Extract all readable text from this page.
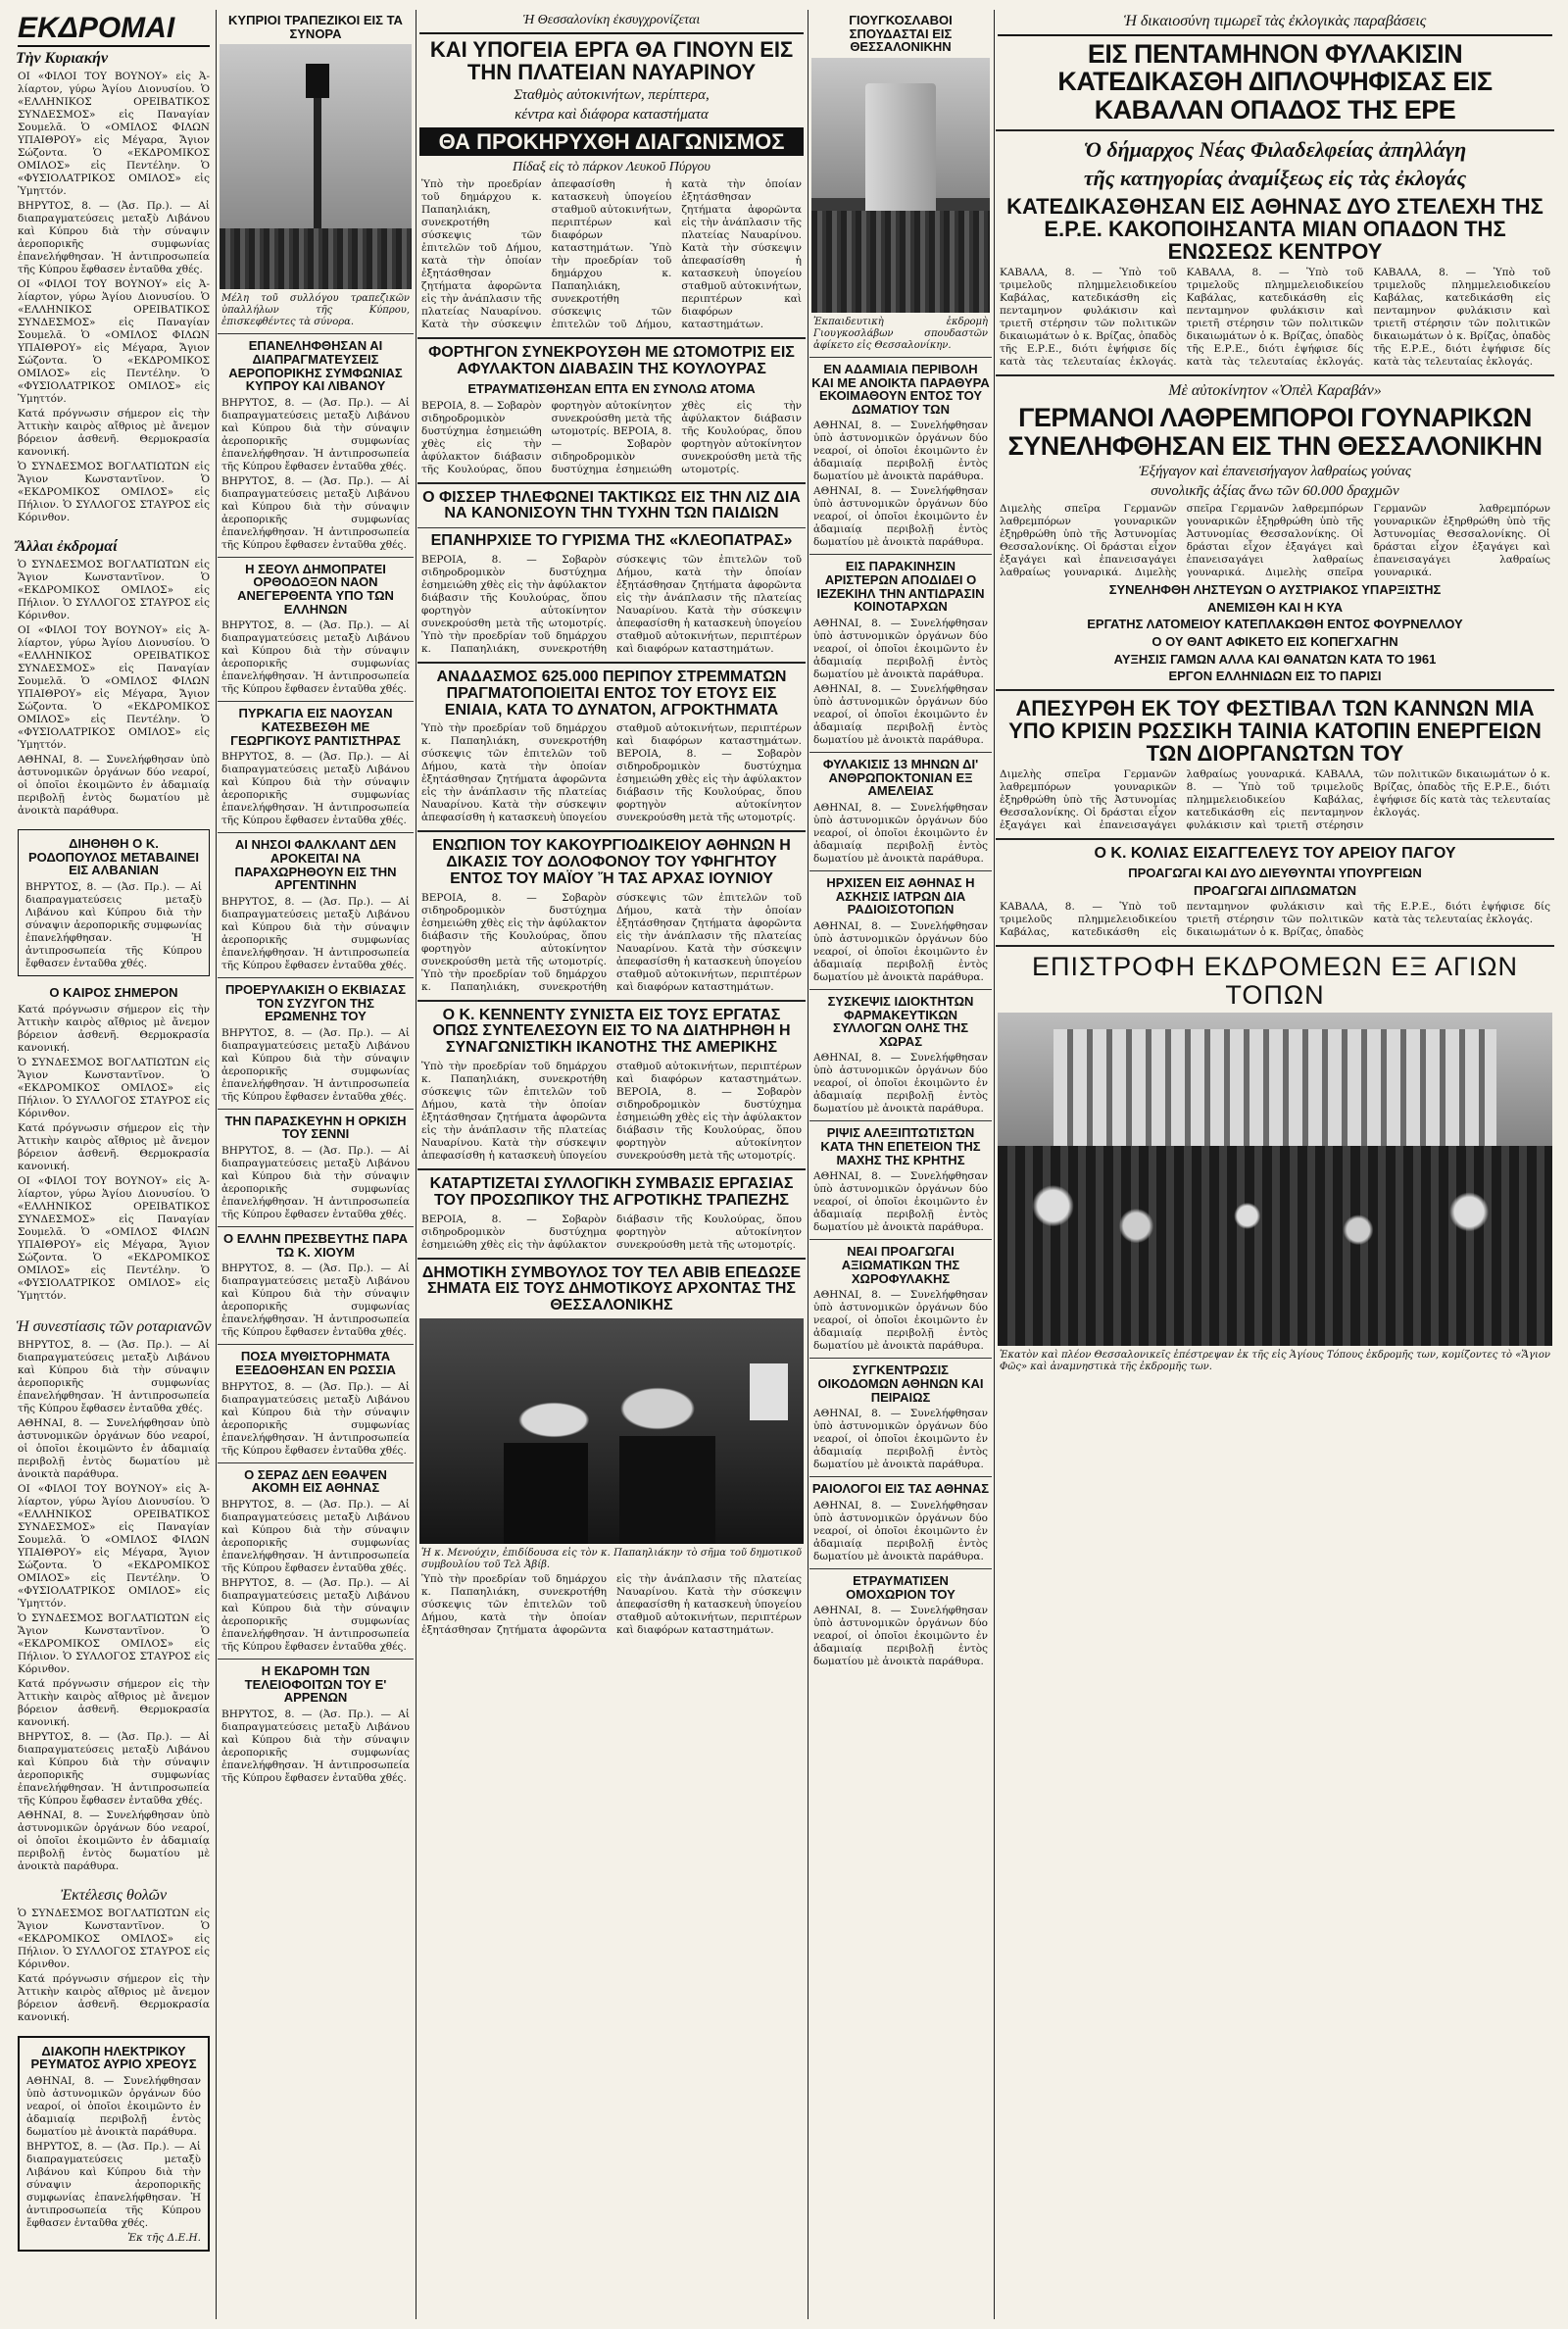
ΕΚΔΡΟΜΑΙ
Τὴν Κυριακήν
ΟΙ «ΦΙΛΟΙ ΤΟΥ ΒΟΥΝΟΥ» εἰς Ἀ-λίαρτον, γύρω Ἁγίου Διονυσίου. Ὁ «ΕΛΛΗΝΙΚΟΣ ΟΡΕΙΒΑΤΙΚΟΣ ΣΥΝΔΕΣΜΟΣ» εἰς Παναγίαν Σουμελᾶ. Ὁ «ΟΜΙΛΟΣ ΦΙΛΩΝ ΥΠΑΙΘΡΟΥ» εἰς Μέγαρα, Ἄγιον Σώζοντα. Ὁ «ΕΚΔΡΟΜΙΚΟΣ ΟΜΙΛΟΣ» εἰς Πεντέλην. Ὁ «ΦΥΣΙΟΛΑΤΡΙΚΟΣ ΟΜΙΛΟΣ» εἰς Ὑμηττόν.
ΒΗΡΥΤΟΣ, 8. — (Ἀσ. Πρ.). — Αἱ διαπραγματεύσεις μεταξὺ Λιβάνου καὶ Κύπρου διὰ τὴν σύναψιν ἀεροπορικῆς συμφωνίας ἐπανελήφθησαν. Ἡ ἀντιπροσωπεία τῆς Κύπρου ἔφθασεν ἐνταῦθα χθές.
ΟΙ «ΦΙΛΟΙ ΤΟΥ ΒΟΥΝΟΥ» εἰς Ἀ-λίαρτον, γύρω Ἁγίου Διονυσίου. Ὁ «ΕΛΛΗΝΙΚΟΣ ΟΡΕΙΒΑΤΙΚΟΣ ΣΥΝΔΕΣΜΟΣ» εἰς Παναγίαν Σουμελᾶ. Ὁ «ΟΜΙΛΟΣ ΦΙΛΩΝ ΥΠΑΙΘΡΟΥ» εἰς Μέγαρα, Ἄγιον Σώζοντα. Ὁ «ΕΚΔΡΟΜΙΚΟΣ ΟΜΙΛΟΣ» εἰς Πεντέλην. Ὁ «ΦΥΣΙΟΛΑΤΡΙΚΟΣ ΟΜΙΛΟΣ» εἰς Ὑμηττόν.
Κατά πρόγνωσιν σήμερον εἰς τὴν Ἀττικὴν καιρὸς αἴθριος μὲ ἄνεμον βόρειον ἀσθενῆ. Θερμοκρασία κανονική.
Ὁ ΣΥΝΔΕΣΜΟΣ ΒΟΓΛΑΤΙΩΤΩΝ εἰς Ἅγιον Κωνσταντῖνον. Ὁ «ΕΚΔΡΟΜΙΚΟΣ ΟΜΙΛΟΣ» εἰς Πήλιον. Ὁ ΣΥΛΛΟΓΟΣ ΣΤΑΥΡΟΣ εἰς Κόρινθον.
Ἄλλαι ἐκδρομαί
Ὁ ΣΥΝΔΕΣΜΟΣ ΒΟΓΛΑΤΙΩΤΩΝ εἰς Ἅγιον Κωνσταντῖνον. Ὁ «ΕΚΔΡΟΜΙΚΟΣ ΟΜΙΛΟΣ» εἰς Πήλιον. Ὁ ΣΥΛΛΟΓΟΣ ΣΤΑΥΡΟΣ εἰς Κόρινθον.
ΟΙ «ΦΙΛΟΙ ΤΟΥ ΒΟΥΝΟΥ» εἰς Ἀ-λίαρτον, γύρω Ἁγίου Διονυσίου. Ὁ «ΕΛΛΗΝΙΚΟΣ ΟΡΕΙΒΑΤΙΚΟΣ ΣΥΝΔΕΣΜΟΣ» εἰς Παναγίαν Σουμελᾶ. Ὁ «ΟΜΙΛΟΣ ΦΙΛΩΝ ΥΠΑΙΘΡΟΥ» εἰς Μέγαρα, Ἄγιον Σώζοντα. Ὁ «ΕΚΔΡΟΜΙΚΟΣ ΟΜΙΛΟΣ» εἰς Πεντέλην. Ὁ «ΦΥΣΙΟΛΑΤΡΙΚΟΣ ΟΜΙΛΟΣ» εἰς Ὑμηττόν.
ΑΘΗΝΑΙ, 8. — Συνελήφθησαν ὑπὸ ἀστυνομικῶν ὀργάνων δύο νεαροί, οἱ ὁποῖοι ἐκοιμῶντο ἐν ἀδαμιαίᾳ περιβολῇ ἐντὸς δωματίου μὲ ἀνοικτὰ παράθυρα.
ΔΙΗΘΗΘΗ Ο Κ. ΡΟΔΟΠΟΥΛΟΣ ΜΕΤΑΒΑΙΝΕΙ ΕΙΣ ΑΛΒΑΝΙΑΝ
ΒΗΡΥΤΟΣ, 8. — (Ἀσ. Πρ.). — Αἱ διαπραγματεύσεις μεταξὺ Λιβάνου καὶ Κύπρου διὰ τὴν σύναψιν ἀεροπορικῆς συμφωνίας ἐπανελήφθησαν. Ἡ ἀντιπροσωπεία τῆς Κύπρου ἔφθασεν ἐνταῦθα χθές.
Ο ΚΑΙΡΟΣ ΣΗΜΕΡΟΝ
Κατά πρόγνωσιν σήμερον εἰς τὴν Ἀττικὴν καιρὸς αἴθριος μὲ ἄνεμον βόρειον ἀσθενῆ. Θερμοκρασία κανονική.
Ὁ ΣΥΝΔΕΣΜΟΣ ΒΟΓΛΑΤΙΩΤΩΝ εἰς Ἅγιον Κωνσταντῖνον. Ὁ «ΕΚΔΡΟΜΙΚΟΣ ΟΜΙΛΟΣ» εἰς Πήλιον. Ὁ ΣΥΛΛΟΓΟΣ ΣΤΑΥΡΟΣ εἰς Κόρινθον.
Κατά πρόγνωσιν σήμερον εἰς τὴν Ἀττικὴν καιρὸς αἴθριος μὲ ἄνεμον βόρειον ἀσθενῆ. Θερμοκρασία κανονική.
ΟΙ «ΦΙΛΟΙ ΤΟΥ ΒΟΥΝΟΥ» εἰς Ἀ-λίαρτον, γύρω Ἁγίου Διονυσίου. Ὁ «ΕΛΛΗΝΙΚΟΣ ΟΡΕΙΒΑΤΙΚΟΣ ΣΥΝΔΕΣΜΟΣ» εἰς Παναγίαν Σουμελᾶ. Ὁ «ΟΜΙΛΟΣ ΦΙΛΩΝ ΥΠΑΙΘΡΟΥ» εἰς Μέγαρα, Ἄγιον Σώζοντα. Ὁ «ΕΚΔΡΟΜΙΚΟΣ ΟΜΙΛΟΣ» εἰς Πεντέλην. Ὁ «ΦΥΣΙΟΛΑΤΡΙΚΟΣ ΟΜΙΛΟΣ» εἰς Ὑμηττόν.
Ἡ συνεστίασις τῶν ροταριανῶν
ΒΗΡΥΤΟΣ, 8. — (Ἀσ. Πρ.). — Αἱ διαπραγματεύσεις μεταξὺ Λιβάνου καὶ Κύπρου διὰ τὴν σύναψιν ἀεροπορικῆς συμφωνίας ἐπανελήφθησαν. Ἡ ἀντιπροσωπεία τῆς Κύπρου ἔφθασεν ἐνταῦθα χθές.
ΑΘΗΝΑΙ, 8. — Συνελήφθησαν ὑπὸ ἀστυνομικῶν ὀργάνων δύο νεαροί, οἱ ὁποῖοι ἐκοιμῶντο ἐν ἀδαμιαίᾳ περιβολῇ ἐντὸς δωματίου μὲ ἀνοικτὰ παράθυρα.
ΟΙ «ΦΙΛΟΙ ΤΟΥ ΒΟΥΝΟΥ» εἰς Ἀ-λίαρτον, γύρω Ἁγίου Διονυσίου. Ὁ «ΕΛΛΗΝΙΚΟΣ ΟΡΕΙΒΑΤΙΚΟΣ ΣΥΝΔΕΣΜΟΣ» εἰς Παναγίαν Σουμελᾶ. Ὁ «ΟΜΙΛΟΣ ΦΙΛΩΝ ΥΠΑΙΘΡΟΥ» εἰς Μέγαρα, Ἄγιον Σώζοντα. Ὁ «ΕΚΔΡΟΜΙΚΟΣ ΟΜΙΛΟΣ» εἰς Πεντέλην. Ὁ «ΦΥΣΙΟΛΑΤΡΙΚΟΣ ΟΜΙΛΟΣ» εἰς Ὑμηττόν.
Ὁ ΣΥΝΔΕΣΜΟΣ ΒΟΓΛΑΤΙΩΤΩΝ εἰς Ἅγιον Κωνσταντῖνον. Ὁ «ΕΚΔΡΟΜΙΚΟΣ ΟΜΙΛΟΣ» εἰς Πήλιον. Ὁ ΣΥΛΛΟΓΟΣ ΣΤΑΥΡΟΣ εἰς Κόρινθον.
Κατά πρόγνωσιν σήμερον εἰς τὴν Ἀττικὴν καιρὸς αἴθριος μὲ ἄνεμον βόρειον ἀσθενῆ. Θερμοκρασία κανονική.
ΒΗΡΥΤΟΣ, 8. — (Ἀσ. Πρ.). — Αἱ διαπραγματεύσεις μεταξὺ Λιβάνου καὶ Κύπρου διὰ τὴν σύναψιν ἀεροπορικῆς συμφωνίας ἐπανελήφθησαν. Ἡ ἀντιπροσωπεία τῆς Κύπρου ἔφθασεν ἐνταῦθα χθές.
ΑΘΗΝΑΙ, 8. — Συνελήφθησαν ὑπὸ ἀστυνομικῶν ὀργάνων δύο νεαροί, οἱ ὁποῖοι ἐκοιμῶντο ἐν ἀδαμιαίᾳ περιβολῇ ἐντὸς δωματίου μὲ ἀνοικτὰ παράθυρα.
Ἐκτέλεσις θολῶν
Ὁ ΣΥΝΔΕΣΜΟΣ ΒΟΓΛΑΤΙΩΤΩΝ εἰς Ἅγιον Κωνσταντῖνον. Ὁ «ΕΚΔΡΟΜΙΚΟΣ ΟΜΙΛΟΣ» εἰς Πήλιον. Ὁ ΣΥΛΛΟΓΟΣ ΣΤΑΥΡΟΣ εἰς Κόρινθον.
Κατά πρόγνωσιν σήμερον εἰς τὴν Ἀττικὴν καιρὸς αἴθριος μὲ ἄνεμον βόρειον ἀσθενῆ. Θερμοκρασία κανονική.
ΔΙΑΚΟΠΗ ΗΛΕΚΤΡΙΚΟΥ ΡΕΥΜΑΤΟΣ ΑΥΡΙΟ ΧΡΕΟΥΣ
ΑΘΗΝΑΙ, 8. — Συνελήφθησαν ὑπὸ ἀστυνομικῶν ὀργάνων δύο νεαροί, οἱ ὁποῖοι ἐκοιμῶντο ἐν ἀδαμιαίᾳ περιβολῇ ἐντὸς δωματίου μὲ ἀνοικτὰ παράθυρα.
ΒΗΡΥΤΟΣ, 8. — (Ἀσ. Πρ.). — Αἱ διαπραγματεύσεις μεταξὺ Λιβάνου καὶ Κύπρου διὰ τὴν σύναψιν ἀεροπορικῆς συμφωνίας ἐπανελήφθησαν. Ἡ ἀντιπροσωπεία τῆς Κύπρου ἔφθασεν ἐνταῦθα χθές.
Ἐκ τῆς Δ.Ε.Η.
ΚΥΠΡΙΟΙ ΤΡΑΠΕΖΙΚΟΙ ΕΙΣ ΤΑ ΣΥΝΟΡΑ
Μέλη τοῦ συλλόγου τραπεζικῶν ὑπαλλήλων τῆς Κύπρου, ἐπισκεφθέντες τὰ σύνορα.
ΕΠΑΝΕΛΗΦΘΗΣΑΝ ΑΙ ΔΙΑΠΡΑΓΜΑΤΕΥΣΕΙΣ ΑΕΡΟΠΟΡΙΚΗΣ ΣΥΜΦΩΝΙΑΣ ΚΥΠΡΟΥ ΚΑΙ ΛΙΒΑΝΟΥ
ΒΗΡΥΤΟΣ, 8. — (Ἀσ. Πρ.). — Αἱ διαπραγματεύσεις μεταξὺ Λιβάνου καὶ Κύπρου διὰ τὴν σύναψιν ἀεροπορικῆς συμφωνίας ἐπανελήφθησαν. Ἡ ἀντιπροσωπεία τῆς Κύπρου ἔφθασεν ἐνταῦθα χθές.
ΒΗΡΥΤΟΣ, 8. — (Ἀσ. Πρ.). — Αἱ διαπραγματεύσεις μεταξὺ Λιβάνου καὶ Κύπρου διὰ τὴν σύναψιν ἀεροπορικῆς συμφωνίας ἐπανελήφθησαν. Ἡ ἀντιπροσωπεία τῆς Κύπρου ἔφθασεν ἐνταῦθα χθές.
Η ΣΕΟΥΛ ΔΗΜΟΠΡΑΤΕΙ ΟΡΘΟΔΟΞΟΝ ΝΑΟΝ ΑΝΕΓΕΡΘΕΝΤΑ ΥΠΟ ΤΩΝ ΕΛΛΗΝΩΝ
ΒΗΡΥΤΟΣ, 8. — (Ἀσ. Πρ.). — Αἱ διαπραγματεύσεις μεταξὺ Λιβάνου καὶ Κύπρου διὰ τὴν σύναψιν ἀεροπορικῆς συμφωνίας ἐπανελήφθησαν. Ἡ ἀντιπροσωπεία τῆς Κύπρου ἔφθασεν ἐνταῦθα χθές.
ΠΥΡΚΑΓΙΑ ΕΙΣ ΝΑΟΥΣΑΝ ΚΑΤΕΣΒΕΣΘΗ ΜΕ ΓΕΩΡΓΙΚΟΥΣ ΡΑΝΤΙΣΤΗΡΑΣ
ΒΗΡΥΤΟΣ, 8. — (Ἀσ. Πρ.). — Αἱ διαπραγματεύσεις μεταξὺ Λιβάνου καὶ Κύπρου διὰ τὴν σύναψιν ἀεροπορικῆς συμφωνίας ἐπανελήφθησαν. Ἡ ἀντιπροσωπεία τῆς Κύπρου ἔφθασεν ἐνταῦθα χθές.
ΑΙ ΝΗΣΟΙ ΦΑΛΚΛΑΝΤ ΔΕΝ ΑΡΟΚΕΙΤΑΙ ΝΑ ΠΑΡΑΧΩΡΗΘΟΥΝ ΕΙΣ ΤΗΝ ΑΡΓΕΝΤΙΝΗΝ
ΒΗΡΥΤΟΣ, 8. — (Ἀσ. Πρ.). — Αἱ διαπραγματεύσεις μεταξὺ Λιβάνου καὶ Κύπρου διὰ τὴν σύναψιν ἀεροπορικῆς συμφωνίας ἐπανελήφθησαν. Ἡ ἀντιπροσωπεία τῆς Κύπρου ἔφθασεν ἐνταῦθα χθές.
ΠΡΟΕΡΥΛΑΚΙΣΗ Ο ΕΚΒΙΑΣΑΣ ΤΟΝ ΣΥΖΥΓΟΝ ΤΗΣ ΕΡΩΜΕΝΗΣ ΤΟΥ
ΒΗΡΥΤΟΣ, 8. — (Ἀσ. Πρ.). — Αἱ διαπραγματεύσεις μεταξὺ Λιβάνου καὶ Κύπρου διὰ τὴν σύναψιν ἀεροπορικῆς συμφωνίας ἐπανελήφθησαν. Ἡ ἀντιπροσωπεία τῆς Κύπρου ἔφθασεν ἐνταῦθα χθές.
ΤΗΝ ΠΑΡΑΣΚΕΥΗΝ Η ΟΡΚΙΣΗ ΤΟΥ ΣΕΝΝΙ
ΒΗΡΥΤΟΣ, 8. — (Ἀσ. Πρ.). — Αἱ διαπραγματεύσεις μεταξὺ Λιβάνου καὶ Κύπρου διὰ τὴν σύναψιν ἀεροπορικῆς συμφωνίας ἐπανελήφθησαν. Ἡ ἀντιπροσωπεία τῆς Κύπρου ἔφθασεν ἐνταῦθα χθές.
Ο ΕΛΛΗΝ ΠΡΕΣΒΕΥΤΗΣ ΠΑΡΑ ΤΩ Κ. ΧΙΟΥΜ
ΒΗΡΥΤΟΣ, 8. — (Ἀσ. Πρ.). — Αἱ διαπραγματεύσεις μεταξὺ Λιβάνου καὶ Κύπρου διὰ τὴν σύναψιν ἀεροπορικῆς συμφωνίας ἐπανελήφθησαν. Ἡ ἀντιπροσωπεία τῆς Κύπρου ἔφθασεν ἐνταῦθα χθές.
ΠΟΣΑ ΜΥΘΙΣΤΟΡΗΜΑΤΑ ΕΞΕΔΟΘΗΣΑΝ ΕΝ ΡΩΣΣΙΑ
ΒΗΡΥΤΟΣ, 8. — (Ἀσ. Πρ.). — Αἱ διαπραγματεύσεις μεταξὺ Λιβάνου καὶ Κύπρου διὰ τὴν σύναψιν ἀεροπορικῆς συμφωνίας ἐπανελήφθησαν. Ἡ ἀντιπροσωπεία τῆς Κύπρου ἔφθασεν ἐνταῦθα χθές.
Ο ΣΕΡΑΖ ΔΕΝ ΕΘΑΨΕΝ ΑΚΟΜΗ ΕΙΣ ΑΘΗΝΑΣ
ΒΗΡΥΤΟΣ, 8. — (Ἀσ. Πρ.). — Αἱ διαπραγματεύσεις μεταξὺ Λιβάνου καὶ Κύπρου διὰ τὴν σύναψιν ἀεροπορικῆς συμφωνίας ἐπανελήφθησαν. Ἡ ἀντιπροσωπεία τῆς Κύπρου ἔφθασεν ἐνταῦθα χθές.
ΒΗΡΥΤΟΣ, 8. — (Ἀσ. Πρ.). — Αἱ διαπραγματεύσεις μεταξὺ Λιβάνου καὶ Κύπρου διὰ τὴν σύναψιν ἀεροπορικῆς συμφωνίας ἐπανελήφθησαν. Ἡ ἀντιπροσωπεία τῆς Κύπρου ἔφθασεν ἐνταῦθα χθές.
Η ΕΚΔΡΟΜΗ ΤΩΝ ΤΕΛΕΙΟΦΟΙΤΩΝ ΤΟΥ Ε' ΑΡΡΕΝΩΝ
ΒΗΡΥΤΟΣ, 8. — (Ἀσ. Πρ.). — Αἱ διαπραγματεύσεις μεταξὺ Λιβάνου καὶ Κύπρου διὰ τὴν σύναψιν ἀεροπορικῆς συμφωνίας ἐπανελήφθησαν. Ἡ ἀντιπροσωπεία τῆς Κύπρου ἔφθασεν ἐνταῦθα χθές.
Ἡ Θεσσαλονίκη ἐκσυγχρονίζεται
ΚΑΙ ΥΠΟΓΕΙΑ ΕΡΓΑ ΘΑ ΓΙΝΟΥΝ ΕΙΣ ΤΗΝ ΠΛΑΤΕΙΑΝ ΝΑΥΑΡΙΝΟΥ
Σταθμὸς αὐτοκινήτων, περίπτερα,
κέντρα καὶ διάφορα καταστήματα
ΘΑ ΠΡΟΚΗΡΥΧΘΗ ΔΙΑΓΩΝΙΣΜΟΣ
Πίδαξ εἰς τὸ πάρκον Λευκοῦ Πύργου
Ὑπὸ τὴν προεδρίαν τοῦ δημάρχου κ. Παπαηλιάκη, συνεκροτήθη σύσκεψις τῶν ἐπιτελῶν τοῦ Δήμου, κατὰ τὴν ὁποίαν ἐξητάσθησαν ζητήματα ἀφορῶντα εἰς τὴν ἀνάπλασιν τῆς πλατείας Ναυαρίνου. Κατὰ τὴν σύσκεψιν ἀπεφασίσθη ἡ κατασκευὴ ὑπογείου σταθμοῦ αὐτοκινήτων, περιπτέρων καὶ διαφόρων καταστημάτων. Ὑπὸ τὴν προεδρίαν τοῦ δημάρχου κ. Παπαηλιάκη, συνεκροτήθη σύσκεψις τῶν ἐπιτελῶν τοῦ Δήμου, κατὰ τὴν ὁποίαν ἐξητάσθησαν ζητήματα ἀφορῶντα εἰς τὴν ἀνάπλασιν τῆς πλατείας Ναυαρίνου. Κατὰ τὴν σύσκεψιν ἀπεφασίσθη ἡ κατασκευὴ ὑπογείου σταθμοῦ αὐτοκινήτων, περιπτέρων καὶ διαφόρων καταστημάτων.
ΦΟΡΤΗΓΟΝ ΣΥΝΕΚΡΟΥΣΘΗ ΜΕ ΩΤΟΜΟΤΡΙΣ ΕΙΣ ΑΦΥΛΑΚΤΟΝ ΔΙΑΒΑΣΙΝ ΤΗΣ ΚΟΥΛΟΥΡΑΣ
ΕΤΡΑΥΜΑΤΙΣΘΗΣΑΝ ΕΠΤΑ ΕΝ ΣΥΝΟΛΩ ΑΤΟΜΑ
ΒΕΡΟΙΑ, 8. — Σοβαρὸν σιδηροδρομικὸν δυστύχημα ἐσημειώθη χθὲς εἰς τὴν ἀφύλακτον διάβασιν τῆς Κουλούρας, ὅπου φορτηγὸν αὐτοκίνητον συνεκρούσθη μετὰ τῆς ωτομοτρίς. ΒΕΡΟΙΑ, 8. — Σοβαρὸν σιδηροδρομικὸν δυστύχημα ἐσημειώθη χθὲς εἰς τὴν ἀφύλακτον διάβασιν τῆς Κουλούρας, ὅπου φορτηγὸν αὐτοκίνητον συνεκρούσθη μετὰ τῆς ωτομοτρίς.
Ο ΦΙΣΣΕΡ ΤΗΛΕΦΩΝΕΙ ΤΑΚΤΙΚΩΣ ΕΙΣ ΤΗΝ ΛΙΖ ΔΙΑ ΝΑ ΚΑΝΟΝΙΣΟΥΝ ΤΗΝ ΤΥΧΗΝ ΤΩΝ ΠΑΙΔΙΩΝ
ΕΠΑΝΗΡΧΙΣΕ ΤΟ ΓΥΡΙΣΜΑ ΤΗΣ «ΚΛΕΟΠΑΤΡΑΣ»
ΒΕΡΟΙΑ, 8. — Σοβαρὸν σιδηροδρομικὸν δυστύχημα ἐσημειώθη χθὲς εἰς τὴν ἀφύλακτον διάβασιν τῆς Κουλούρας, ὅπου φορτηγὸν αὐτοκίνητον συνεκρούσθη μετὰ τῆς ωτομοτρίς. Ὑπὸ τὴν προεδρίαν τοῦ δημάρχου κ. Παπαηλιάκη, συνεκροτήθη σύσκεψις τῶν ἐπιτελῶν τοῦ Δήμου, κατὰ τὴν ὁποίαν ἐξητάσθησαν ζητήματα ἀφορῶντα εἰς τὴν ἀνάπλασιν τῆς πλατείας Ναυαρίνου. Κατὰ τὴν σύσκεψιν ἀπεφασίσθη ἡ κατασκευὴ ὑπογείου σταθμοῦ αὐτοκινήτων, περιπτέρων καὶ διαφόρων καταστημάτων.
ΑΝΑΔΑΣΜΟΣ 625.000 ΠΕΡΙΠΟΥ ΣΤΡΕΜΜΑΤΩΝ ΠΡΑΓΜΑΤΟΠΟΙΕΙΤΑΙ ΕΝΤΟΣ ΤΟΥ ΕΤΟΥΣ ΕΙΣ ΕΝΙΑΙΑ, ΚΑΤΑ ΤΟ ΔΥΝΑΤΟΝ, ΑΓΡΟΚΤΗΜΑΤΑ
Ὑπὸ τὴν προεδρίαν τοῦ δημάρχου κ. Παπαηλιάκη, συνεκροτήθη σύσκεψις τῶν ἐπιτελῶν τοῦ Δήμου, κατὰ τὴν ὁποίαν ἐξητάσθησαν ζητήματα ἀφορῶντα εἰς τὴν ἀνάπλασιν τῆς πλατείας Ναυαρίνου. Κατὰ τὴν σύσκεψιν ἀπεφασίσθη ἡ κατασκευὴ ὑπογείου σταθμοῦ αὐτοκινήτων, περιπτέρων καὶ διαφόρων καταστημάτων. ΒΕΡΟΙΑ, 8. — Σοβαρὸν σιδηροδρομικὸν δυστύχημα ἐσημειώθη χθὲς εἰς τὴν ἀφύλακτον διάβασιν τῆς Κουλούρας, ὅπου φορτηγὸν αὐτοκίνητον συνεκρούσθη μετὰ τῆς ωτομοτρίς.
ΕΝΩΠΙΟΝ ΤΟΥ ΚΑΚΟΥΡΓΙΟΔΙΚΕΙΟΥ ΑΘΗΝΩΝ Η ΔΙΚΑΣΙΣ ΤΟΥ ΔΟΛΟΦΟΝΟΥ ΤΟΥ ΥΦΗΓΗΤΟΥ ΕΝΤΟΣ ΤΟΥ ΜΑΪΟΥ Ἤ ΤΑΣ ΑΡΧΑΣ ΙΟΥΝΙΟΥ
ΒΕΡΟΙΑ, 8. — Σοβαρὸν σιδηροδρομικὸν δυστύχημα ἐσημειώθη χθὲς εἰς τὴν ἀφύλακτον διάβασιν τῆς Κουλούρας, ὅπου φορτηγὸν αὐτοκίνητον συνεκρούσθη μετὰ τῆς ωτομοτρίς. Ὑπὸ τὴν προεδρίαν τοῦ δημάρχου κ. Παπαηλιάκη, συνεκροτήθη σύσκεψις τῶν ἐπιτελῶν τοῦ Δήμου, κατὰ τὴν ὁποίαν ἐξητάσθησαν ζητήματα ἀφορῶντα εἰς τὴν ἀνάπλασιν τῆς πλατείας Ναυαρίνου. Κατὰ τὴν σύσκεψιν ἀπεφασίσθη ἡ κατασκευὴ ὑπογείου σταθμοῦ αὐτοκινήτων, περιπτέρων καὶ διαφόρων καταστημάτων.
Ο Κ. ΚΕΝΝΕΝΤΥ ΣΥΝΙΣΤΑ ΕΙΣ ΤΟΥΣ ΕΡΓΑΤΑΣ ΟΠΩΣ ΣΥΝΤΕΛΕΣΟΥΝ ΕΙΣ ΤΟ ΝΑ ΔΙΑΤΗΡΗΘΗ Η ΣΥΝΑΓΩΝΙΣΤΙΚΗ ΙΚΑΝΟΤΗΣ ΤΗΣ ΑΜΕΡΙΚΗΣ
Ὑπὸ τὴν προεδρίαν τοῦ δημάρχου κ. Παπαηλιάκη, συνεκροτήθη σύσκεψις τῶν ἐπιτελῶν τοῦ Δήμου, κατὰ τὴν ὁποίαν ἐξητάσθησαν ζητήματα ἀφορῶντα εἰς τὴν ἀνάπλασιν τῆς πλατείας Ναυαρίνου. Κατὰ τὴν σύσκεψιν ἀπεφασίσθη ἡ κατασκευὴ ὑπογείου σταθμοῦ αὐτοκινήτων, περιπτέρων καὶ διαφόρων καταστημάτων. ΒΕΡΟΙΑ, 8. — Σοβαρὸν σιδηροδρομικὸν δυστύχημα ἐσημειώθη χθὲς εἰς τὴν ἀφύλακτον διάβασιν τῆς Κουλούρας, ὅπου φορτηγὸν αὐτοκίνητον συνεκρούσθη μετὰ τῆς ωτομοτρίς.
ΚΑΤΑΡΤΙΖΕΤΑΙ ΣΥΛΛΟΓΙΚΗ ΣΥΜΒΑΣΙΣ ΕΡΓΑΣΙΑΣ ΤΟΥ ΠΡΟΣΩΠΙΚΟΥ ΤΗΣ ΑΓΡΟΤΙΚΗΣ ΤΡΑΠΕΖΗΣ
ΒΕΡΟΙΑ, 8. — Σοβαρὸν σιδηροδρομικὸν δυστύχημα ἐσημειώθη χθὲς εἰς τὴν ἀφύλακτον διάβασιν τῆς Κουλούρας, ὅπου φορτηγὸν αὐτοκίνητον συνεκρούσθη μετὰ τῆς ωτομοτρίς.
ΔΗΜΟΤΙΚΗ ΣΥΜΒΟΥΛΟΣ ΤΟΥ ΤΕΛ ΑΒΙΒ ΕΠΕΔΩΣΕ ΣΗΜΑΤΑ ΕΙΣ ΤΟΥΣ ΔΗΜΟΤΙΚΟΥΣ ΑΡΧΟΝΤΑΣ ΤΗΣ ΘΕΣΣΑΛΟΝΙΚΗΣ
Ἡ κ. Μενούχιν, ἐπιδίδουσα εἰς τὸν κ. Παπαηλιάκην τὸ σῆμα τοῦ δημοτικοῦ συμβουλίου τοῦ Τελ Ἀβίβ.
Ὑπὸ τὴν προεδρίαν τοῦ δημάρχου κ. Παπαηλιάκη, συνεκροτήθη σύσκεψις τῶν ἐπιτελῶν τοῦ Δήμου, κατὰ τὴν ὁποίαν ἐξητάσθησαν ζητήματα ἀφορῶντα εἰς τὴν ἀνάπλασιν τῆς πλατείας Ναυαρίνου. Κατὰ τὴν σύσκεψιν ἀπεφασίσθη ἡ κατασκευὴ ὑπογείου σταθμοῦ αὐτοκινήτων, περιπτέρων καὶ διαφόρων καταστημάτων.
ΓΙΟΥΓΚΟΣΛΑΒΟΙ ΣΠΟΥΔΑΣΤΑΙ ΕΙΣ ΘΕΣΣΑΛΟΝΙΚΗΝ
Ἐκπαιδευτικὴ ἐκδρομὴ Γιουγκοσλάβων σπουδαστῶν ἀφίκετο εἰς Θεσσαλονίκην.
ΕΝ ΑΔΑΜΙΑΙΑ ΠΕΡΙΒΟΛΗ ΚΑΙ ΜΕ ΑΝΟΙΚΤΑ ΠΑΡΑΘΥΡΑ ΕΚΟΙΜΑΘΟΥΝ ΕΝΤΟΣ ΤΟΥ ΔΩΜΑΤΙΟΥ ΤΩΝ
ΑΘΗΝΑΙ, 8. — Συνελήφθησαν ὑπὸ ἀστυνομικῶν ὀργάνων δύο νεαροί, οἱ ὁποῖοι ἐκοιμῶντο ἐν ἀδαμιαίᾳ περιβολῇ ἐντὸς δωματίου μὲ ἀνοικτὰ παράθυρα.
ΑΘΗΝΑΙ, 8. — Συνελήφθησαν ὑπὸ ἀστυνομικῶν ὀργάνων δύο νεαροί, οἱ ὁποῖοι ἐκοιμῶντο ἐν ἀδαμιαίᾳ περιβολῇ ἐντὸς δωματίου μὲ ἀνοικτὰ παράθυρα.
ΕΙΣ ΠΑΡΑΚΙΝΗΣΙΝ ΑΡΙΣΤΕΡΩΝ ΑΠΟΔΙΔΕΙ Ο ΙΕΖΕΚΙΗΛ ΤΗΝ ΑΝΤΙΔΡΑΣΙΝ ΚΟΙΝΟΤΑΡΧΩΝ
ΑΘΗΝΑΙ, 8. — Συνελήφθησαν ὑπὸ ἀστυνομικῶν ὀργάνων δύο νεαροί, οἱ ὁποῖοι ἐκοιμῶντο ἐν ἀδαμιαίᾳ περιβολῇ ἐντὸς δωματίου μὲ ἀνοικτὰ παράθυρα.
ΑΘΗΝΑΙ, 8. — Συνελήφθησαν ὑπὸ ἀστυνομικῶν ὀργάνων δύο νεαροί, οἱ ὁποῖοι ἐκοιμῶντο ἐν ἀδαμιαίᾳ περιβολῇ ἐντὸς δωματίου μὲ ἀνοικτὰ παράθυρα.
ΦΥΛΑΚΙΣΙΣ 13 ΜΗΝΩΝ ΔΙ' ΑΝΘΡΩΠΟΚΤΟΝΙΑΝ ΕΞ ΑΜΕΛΕΙΑΣ
ΑΘΗΝΑΙ, 8. — Συνελήφθησαν ὑπὸ ἀστυνομικῶν ὀργάνων δύο νεαροί, οἱ ὁποῖοι ἐκοιμῶντο ἐν ἀδαμιαίᾳ περιβολῇ ἐντὸς δωματίου μὲ ἀνοικτὰ παράθυρα.
ΗΡΧΙΣΕΝ ΕΙΣ ΑΘΗΝΑΣ Η ΑΣΚΗΣΙΣ ΙΑΤΡΩΝ ΔΙΑ ΡΑΔΙΟΙΣΟΤΟΠΩΝ
ΑΘΗΝΑΙ, 8. — Συνελήφθησαν ὑπὸ ἀστυνομικῶν ὀργάνων δύο νεαροί, οἱ ὁποῖοι ἐκοιμῶντο ἐν ἀδαμιαίᾳ περιβολῇ ἐντὸς δωματίου μὲ ἀνοικτὰ παράθυρα.
ΣΥΣΚΕΨΙΣ ΙΔΙΟΚΤΗΤΩΝ ΦΑΡΜΑΚΕΥΤΙΚΩΝ ΣΥΛΛΟΓΩΝ ΟΛΗΣ ΤΗΣ ΧΩΡΑΣ
ΑΘΗΝΑΙ, 8. — Συνελήφθησαν ὑπὸ ἀστυνομικῶν ὀργάνων δύο νεαροί, οἱ ὁποῖοι ἐκοιμῶντο ἐν ἀδαμιαίᾳ περιβολῇ ἐντὸς δωματίου μὲ ἀνοικτὰ παράθυρα.
ΡΙΨΙΣ ΑΛΕΞΙΠΤΩΤΙΣΤΩΝ ΚΑΤΑ ΤΗΝ ΕΠΕΤΕΙΟΝ ΤΗΣ ΜΑΧΗΣ ΤΗΣ ΚΡΗΤΗΣ
ΑΘΗΝΑΙ, 8. — Συνελήφθησαν ὑπὸ ἀστυνομικῶν ὀργάνων δύο νεαροί, οἱ ὁποῖοι ἐκοιμῶντο ἐν ἀδαμιαίᾳ περιβολῇ ἐντὸς δωματίου μὲ ἀνοικτὰ παράθυρα.
ΝΕΑΙ ΠΡΟΑΓΩΓΑΙ ΑΞΙΩΜΑΤΙΚΩΝ ΤΗΣ ΧΩΡΟΦΥΛΑΚΗΣ
ΑΘΗΝΑΙ, 8. — Συνελήφθησαν ὑπὸ ἀστυνομικῶν ὀργάνων δύο νεαροί, οἱ ὁποῖοι ἐκοιμῶντο ἐν ἀδαμιαίᾳ περιβολῇ ἐντὸς δωματίου μὲ ἀνοικτὰ παράθυρα.
ΣΥΓΚΕΝΤΡΩΣΙΣ ΟΙΚΟΔΟΜΩΝ ΑΘΗΝΩΝ ΚΑΙ ΠΕΙΡΑΙΩΣ
ΑΘΗΝΑΙ, 8. — Συνελήφθησαν ὑπὸ ἀστυνομικῶν ὀργάνων δύο νεαροί, οἱ ὁποῖοι ἐκοιμῶντο ἐν ἀδαμιαίᾳ περιβολῇ ἐντὸς δωματίου μὲ ἀνοικτὰ παράθυρα.
ΡΑΙΟΛΟΓΟΙ ΕΙΣ ΤΑΣ ΑΘΗΝΑΣ
ΑΘΗΝΑΙ, 8. — Συνελήφθησαν ὑπὸ ἀστυνομικῶν ὀργάνων δύο νεαροί, οἱ ὁποῖοι ἐκοιμῶντο ἐν ἀδαμιαίᾳ περιβολῇ ἐντὸς δωματίου μὲ ἀνοικτὰ παράθυρα.
ΕΤΡΑΥΜΑΤΙΣΕΝ ΟΜΟΧΩΡΙΟΝ ΤΟΥ
ΑΘΗΝΑΙ, 8. — Συνελήφθησαν ὑπὸ ἀστυνομικῶν ὀργάνων δύο νεαροί, οἱ ὁποῖοι ἐκοιμῶντο ἐν ἀδαμιαίᾳ περιβολῇ ἐντὸς δωματίου μὲ ἀνοικτὰ παράθυρα.
Ἡ δικαιοσύνη τιμωρεῖ τὰς ἐκλογικὰς παραβάσεις
ΕΙΣ ΠΕΝΤΑΜΗΝΟΝ ΦΥΛΑΚΙΣΙΝ ΚΑΤΕΔΙΚΑΣΘΗ ΔΙΠΛΟΨΗΦΙΣΑΣ ΕΙΣ ΚΑΒΑΛΑΝ ΟΠΑΔΟΣ ΤΗΣ ΕΡΕ
Ὁ δήμαρχος Νέας Φιλαδελφείας ἀπηλλάγη
τῆς κατηγορίας ἀναμίξεως εἰς τὰς ἐκλογάς
ΚΑΤΕΔΙΚΑΣΘΗΣΑΝ ΕΙΣ ΑΘΗΝΑΣ ΔΥΟ ΣΤΕΛΕΧΗ ΤΗΣ Ε.Ρ.Ε. ΚΑΚΟΠΟΙΗΣΑΝΤΑ ΜΙΑΝ ΟΠΑΔΟΝ ΤΗΣ ΕΝΩΣΕΩΣ ΚΕΝΤΡΟΥ
ΚΑΒΑΛΑ, 8. — Ὑπὸ τοῦ τριμελοῦς πλημμελειοδικείου Καβάλας, κατεδικάσθη εἰς πενταμηνον φυλάκισιν καὶ τριετῆ στέρησιν τῶν πολιτικῶν δικαιωμάτων ὁ κ. Βρίζας, ὀπαδὸς τῆς Ε.Ρ.Ε., διότι ἐψήφισε δίς κατὰ τὰς τελευταίας ἐκλογάς. ΚΑΒΑΛΑ, 8. — Ὑπὸ τοῦ τριμελοῦς πλημμελειοδικείου Καβάλας, κατεδικάσθη εἰς πενταμηνον φυλάκισιν καὶ τριετῆ στέρησιν τῶν πολιτικῶν δικαιωμάτων ὁ κ. Βρίζας, ὀπαδὸς τῆς Ε.Ρ.Ε., διότι ἐψήφισε δίς κατὰ τὰς τελευταίας ἐκλογάς. ΚΑΒΑΛΑ, 8. — Ὑπὸ τοῦ τριμελοῦς πλημμελειοδικείου Καβάλας, κατεδικάσθη εἰς πενταμηνον φυλάκισιν καὶ τριετῆ στέρησιν τῶν πολιτικῶν δικαιωμάτων ὁ κ. Βρίζας, ὀπαδὸς τῆς Ε.Ρ.Ε., διότι ἐψήφισε δίς κατὰ τὰς τελευταίας ἐκλογάς.
Μὲ αὐτοκίνητον «Ὀπὲλ Καραβάν»
ΓΕΡΜΑΝΟΙ ΛΑΘΡΕΜΠΟΡΟΙ ΓΟΥΝΑΡΙΚΩΝ ΣΥΝΕΛΗΦΘΗΣΑΝ ΕΙΣ ΤΗΝ ΘΕΣΣΑΛΟΝΙΚΗΝ
Ἐξήγαγον καὶ ἐπανεισήγαγον λαθραίως γούνας
συνολικῆς ἀξίας ἄνω τῶν 60.000 δραχμῶν
Διμελὴς σπεῖρα Γερμανῶν λαθρεμπόρων γουναρικῶν ἐξηρθρώθη ὑπὸ τῆς Ἀστυνομίας Θεσσαλονίκης. Οἱ δράσται εἶχον ἐξαγάγει καὶ ἐπανεισαγάγει λαθραίως γουναρικά. Διμελὴς σπεῖρα Γερμανῶν λαθρεμπόρων γουναρικῶν ἐξηρθρώθη ὑπὸ τῆς Ἀστυνομίας Θεσσαλονίκης. Οἱ δράσται εἶχον ἐξαγάγει καὶ ἐπανεισαγάγει λαθραίως γουναρικά. Διμελὴς σπεῖρα Γερμανῶν λαθρεμπόρων γουναρικῶν ἐξηρθρώθη ὑπὸ τῆς Ἀστυνομίας Θεσσαλονίκης. Οἱ δράσται εἶχον ἐξαγάγει καὶ ἐπανεισαγάγει λαθραίως γουναρικά.
ΣΥΝΕΛΗΦΘΗ ΛΗΣΤΕΥΩΝ Ο ΑΥΣΤΡΙΑΚΟΣ ΥΠΑΡΞΙΣΤΗΣ
ΑΝΕΜΙΣΘΗ ΚΑΙ Η ΚΥΑ
ΕΡΓΑΤΗΣ ΛΑΤΟΜΕΙΟΥ ΚΑΤΕΠΛΑΚΩΘΗ ΕΝΤΟΣ ΦΟΥΡΝΕΛΛΟΥ
Ο ΟΥ ΘΑΝΤ ΑΦΙΚΕΤΟ ΕΙΣ ΚΟΠΕΓΧΑΓΗΝ
ΑΥΞΗΣΙΣ ΓΑΜΩΝ ΑΛΛΑ ΚΑΙ ΘΑΝΑΤΩΝ ΚΑΤΑ ΤΟ 1961
ΕΡΓΟΝ ΕΛΛΗΝΙΔΩΝ ΕΙΣ ΤΟ ΠΑΡΙΣΙ
ΑΠΕΣΥΡΘΗ ΕΚ ΤΟΥ ΦΕΣΤΙΒΑΛ ΤΩΝ ΚΑΝΝΩΝ ΜΙΑ ΥΠΟ ΚΡΙΣΙΝ ΡΩΣΣΙΚΗ ΤΑΙΝΙΑ ΚΑΤΟΠΙΝ ΕΝΕΡΓΕΙΩΝ ΤΩΝ ΔΙΟΡΓΑΝΩΤΩΝ ΤΟΥ
Διμελὴς σπεῖρα Γερμανῶν λαθρεμπόρων γουναρικῶν ἐξηρθρώθη ὑπὸ τῆς Ἀστυνομίας Θεσσαλονίκης. Οἱ δράσται εἶχον ἐξαγάγει καὶ ἐπανεισαγάγει λαθραίως γουναρικά. ΚΑΒΑΛΑ, 8. — Ὑπὸ τοῦ τριμελοῦς πλημμελειοδικείου Καβάλας, κατεδικάσθη εἰς πενταμηνον φυλάκισιν καὶ τριετῆ στέρησιν τῶν πολιτικῶν δικαιωμάτων ὁ κ. Βρίζας, ὀπαδὸς τῆς Ε.Ρ.Ε., διότι ἐψήφισε δίς κατὰ τὰς τελευταίας ἐκλογάς.
Ο Κ. ΚΟΛΙΑΣ ΕΙΣΑΓΓΕΛΕΥΣ ΤΟΥ ΑΡΕΙΟΥ ΠΑΓΟΥ
ΠΡΟΑΓΩΓΑΙ ΚΑΙ ΔΥΟ ΔΙΕΥΘΥΝΤΑΙ ΥΠΟΥΡΓΕΙΩΝ
ΠΡΟΑΓΩΓΑΙ ΔΙΠΛΩΜΑΤΩΝ
ΚΑΒΑΛΑ, 8. — Ὑπὸ τοῦ τριμελοῦς πλημμελειοδικείου Καβάλας, κατεδικάσθη εἰς πενταμηνον φυλάκισιν καὶ τριετῆ στέρησιν τῶν πολιτικῶν δικαιωμάτων ὁ κ. Βρίζας, ὀπαδὸς τῆς Ε.Ρ.Ε., διότι ἐψήφισε δίς κατὰ τὰς τελευταίας ἐκλογάς.
ΕΠΙΣΤΡΟΦΗ ΕΚΔΡΟΜΕΩΝ ΕΞ ΑΓΙΩΝ ΤΟΠΩΝ
Ἑκατὸν καὶ πλέον Θεσσαλονικεῖς ἐπέστρεψαν ἐκ τῆς εἰς Ἁγίους Τόπους ἐκδρομῆς των, κομίζοντες τὸ «Ἅγιον Φῶς» καὶ ἀναμνηστικὰ τῆς ἐκδρομῆς των.
